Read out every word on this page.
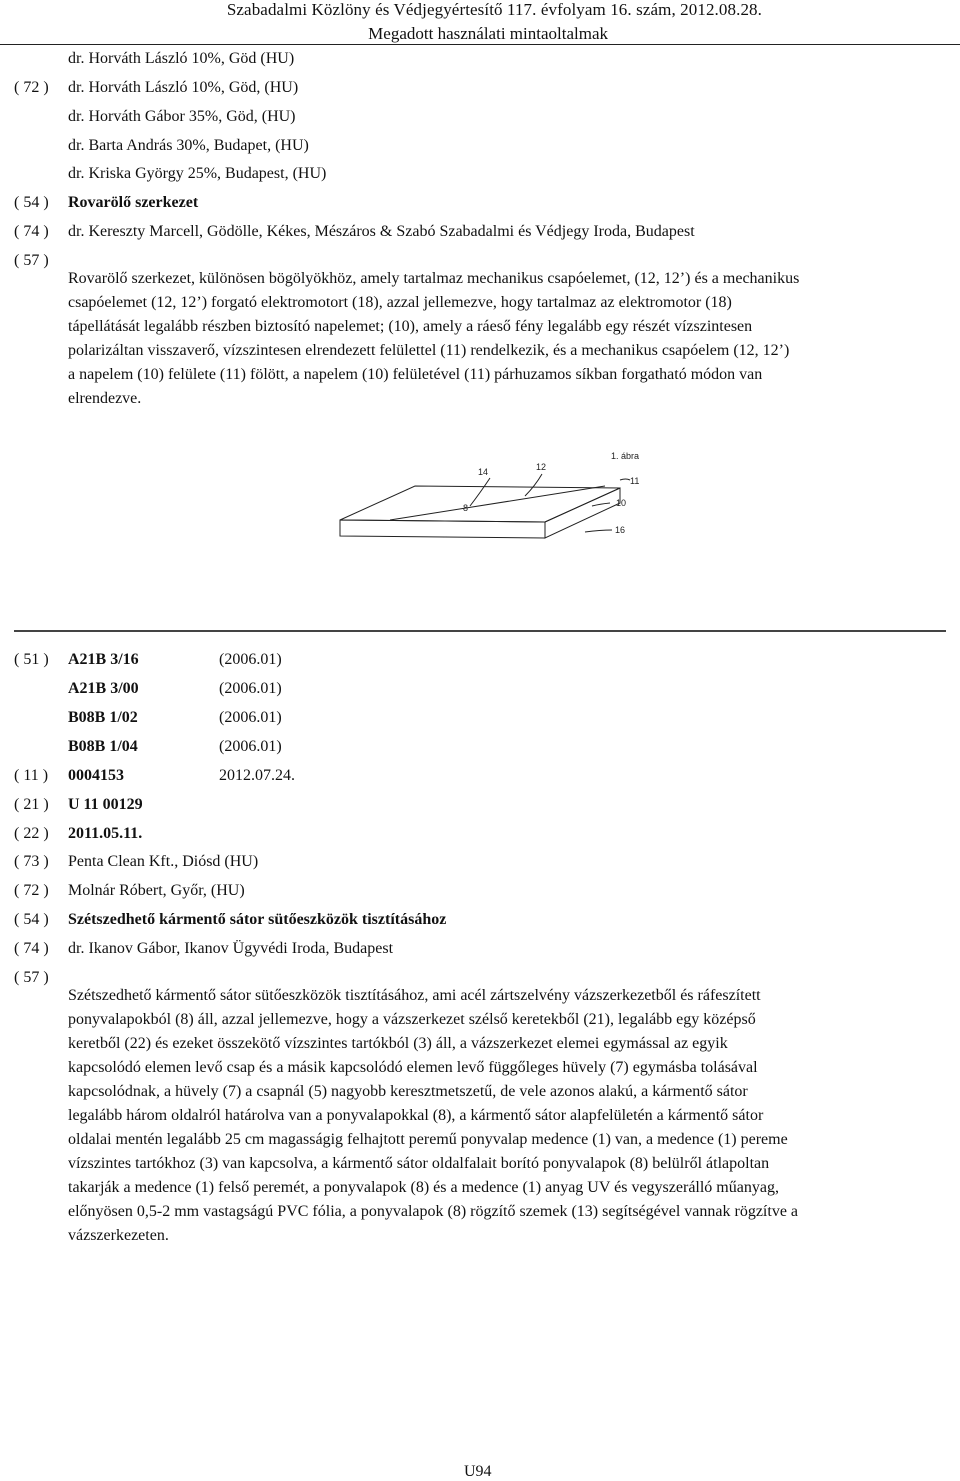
Szabadalmi Közlöny és Védjegyértesítő 117. évfolyam 16. szám, 2012.08.28.
Megadott használati mintaoltalmak
dr. Horváth László 10%, Göd (HU)
( 72 ) dr. Horváth László 10%, Göd, (HU)
dr. Horváth Gábor 35%, Göd, (HU)
dr. Barta András 30%, Budapet, (HU)
dr. Kriska György 25%, Budapest, (HU)
( 54 ) Rovarölő szerkezet
( 74 ) dr. Kereszty Marcell, Gödölle, Kékes, Mészáros & Szabó Szabadalmi és Védjegy Iroda, Budapest
( 57 )
Rovarölő szerkezet, különösen bögölyökhöz, amely tartalmaz mechanikus csapóelemet, (12, 12’) és a mechanikus
csapóelemet (12, 12’) forgató elektromotort (18), azzal jellemezve, hogy tartalmaz az elektromotor (18)
tápellátását legalább részben biztosító napelemet; (10), amely a ráeső fény legalább egy részét vízszintesen
polarizáltan visszaverő, vízszintesen elrendezett felülettel (11) rendelkezik, és a mechanikus csapóelem (12, 12’)
a napelem (10) felülete (11) fölött, a napelem (10) felületével (11) párhuzamos síkban forgatható módon van
elrendezve.
1. ábra
14	12
11
10
16
8
( 51 ) A21B 3/16	(2006.01)
A21B 3/00	(2006.01)
B08B 1/02	(2006.01)
B08B 1/04	(2006.01)
( 11 ) 0004153	2012.07.24.
( 21 ) U 11 00129
( 22 ) 2011.05.11.
( 73 ) Penta Clean Kft., Diósd (HU)
( 72 ) Molnár Róbert, Győr, (HU)
( 54 ) Szétszedhető kármentő sátor sütőeszközök tisztításához
( 74 ) dr. Ikanov Gábor, Ikanov Ügyvédi Iroda, Budapest
( 57 )
Szétszedhető kármentő sátor sütőeszközök tisztításához, ami acél zártszelvény vázszerkezetből és ráfeszített
ponyvalapokból (8) áll, azzal jellemezve, hogy a vázszerkezet szélső keretekből (21), legalább egy középső
keretből (22) és ezeket összekötő vízszintes tartókból (3) áll, a vázszerkezet elemei egymással az egyik
kapcsolódó elemen levő csap és a másik kapcsolódó elemen levő függőleges hüvely (7) egymásba tolásával
kapcsolódnak, a hüvely (7) a csapnál (5) nagyobb keresztmetszetű, de vele azonos alakú, a kármentő sátor
legalább három oldalról határolva van a ponyvalapokkal (8), a kármentő sátor alapfelületén a kármentő sátor
oldalai mentén legalább 25 cm magasságig felhajtott peremű ponyvalap medence (1) van, a medence (1) pereme
vízszintes tartókhoz (3) van kapcsolva, a kármentő sátor oldalfalait borító ponyvalapok (8) belülről átlapoltan
takarják a medence (1) felső peremét, a ponyvalapok (8) és a medence (1) anyag UV és vegyszerálló műanyag,
előnyösen 0,5-2 mm vastagságú PVC fólia, a ponyvalapok (8) rögzítő szemek (13) segítségével vannak rögzítve a
vázszerkezeten.
U94
